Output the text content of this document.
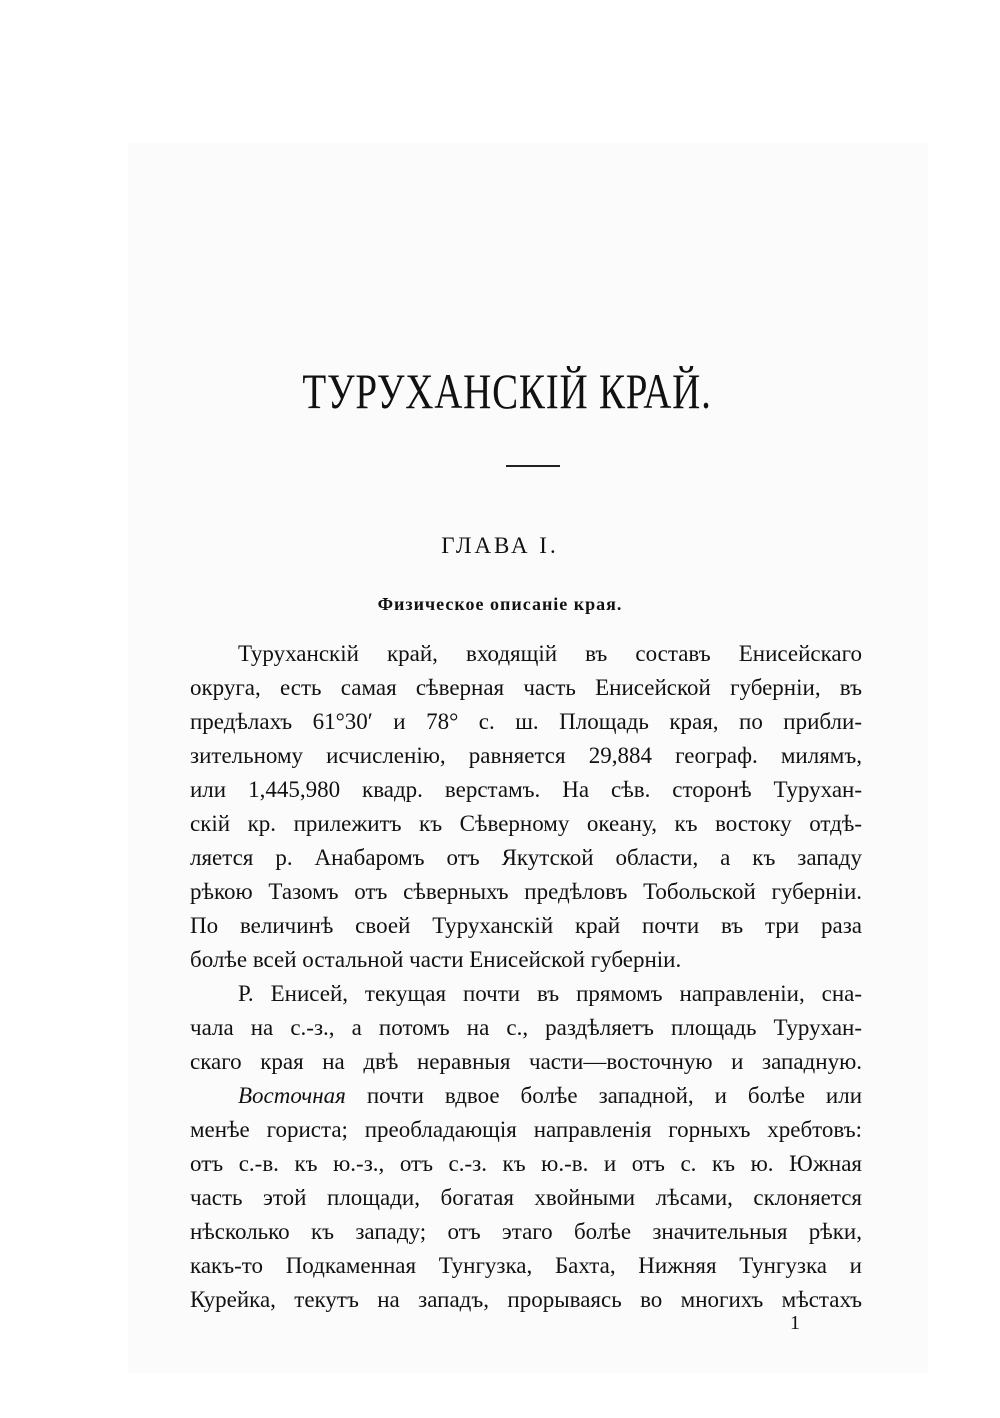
ТУРУХАНСКІЙ КРАЙ.
ГЛАВА I.
Физическое описаніе края.
Туруханскій край, входящій въ составъ Енисейскаго
округа, есть самая сѣверная часть Енисейской губерніи, въ
предѣлахъ 61°30′ и 78° с. ш. Площадь края, по прибли-
зительному исчисленію, равняется 29,884 географ. милямъ,
или 1,445,980 квадр. верстамъ. На сѣв. сторонѣ Турухан-
скій кр. прилежитъ къ Сѣверному океану, къ востоку отдѣ-
ляется р. Анабаромъ отъ Якутской области, а къ западу
рѣкою Тазомъ отъ сѣверныхъ предѣловъ Тобольской губерніи.
По величинѣ своей Туруханскій край почти въ три раза
болѣе всей остальной части Енисейской губерніи.
Р. Енисей, текущая почти въ прямомъ направленіи, сна-
чала на с.-з., а потомъ на с., раздѣляетъ площадь Турухан-
скаго края на двѣ неравныя части—восточную и западную.
Восточная почти вдвое болѣе западной, и болѣе или
менѣе гориста; преобладающія направленія горныхъ хребтовъ:
отъ с.-в. къ ю.-з., отъ с.-з. къ ю.-в. и отъ с. къ ю. Южная
часть этой площади, богатая хвойными лѣсами, склоняется
нѣсколько къ западу; отъ этаго болѣе значительныя рѣки,
какъ-то Подкаменная Тунгузка, Бахта, Нижняя Тунгузка и
Курейка, текутъ на западъ, прорываясь во многихъ мѣстахъ
1
